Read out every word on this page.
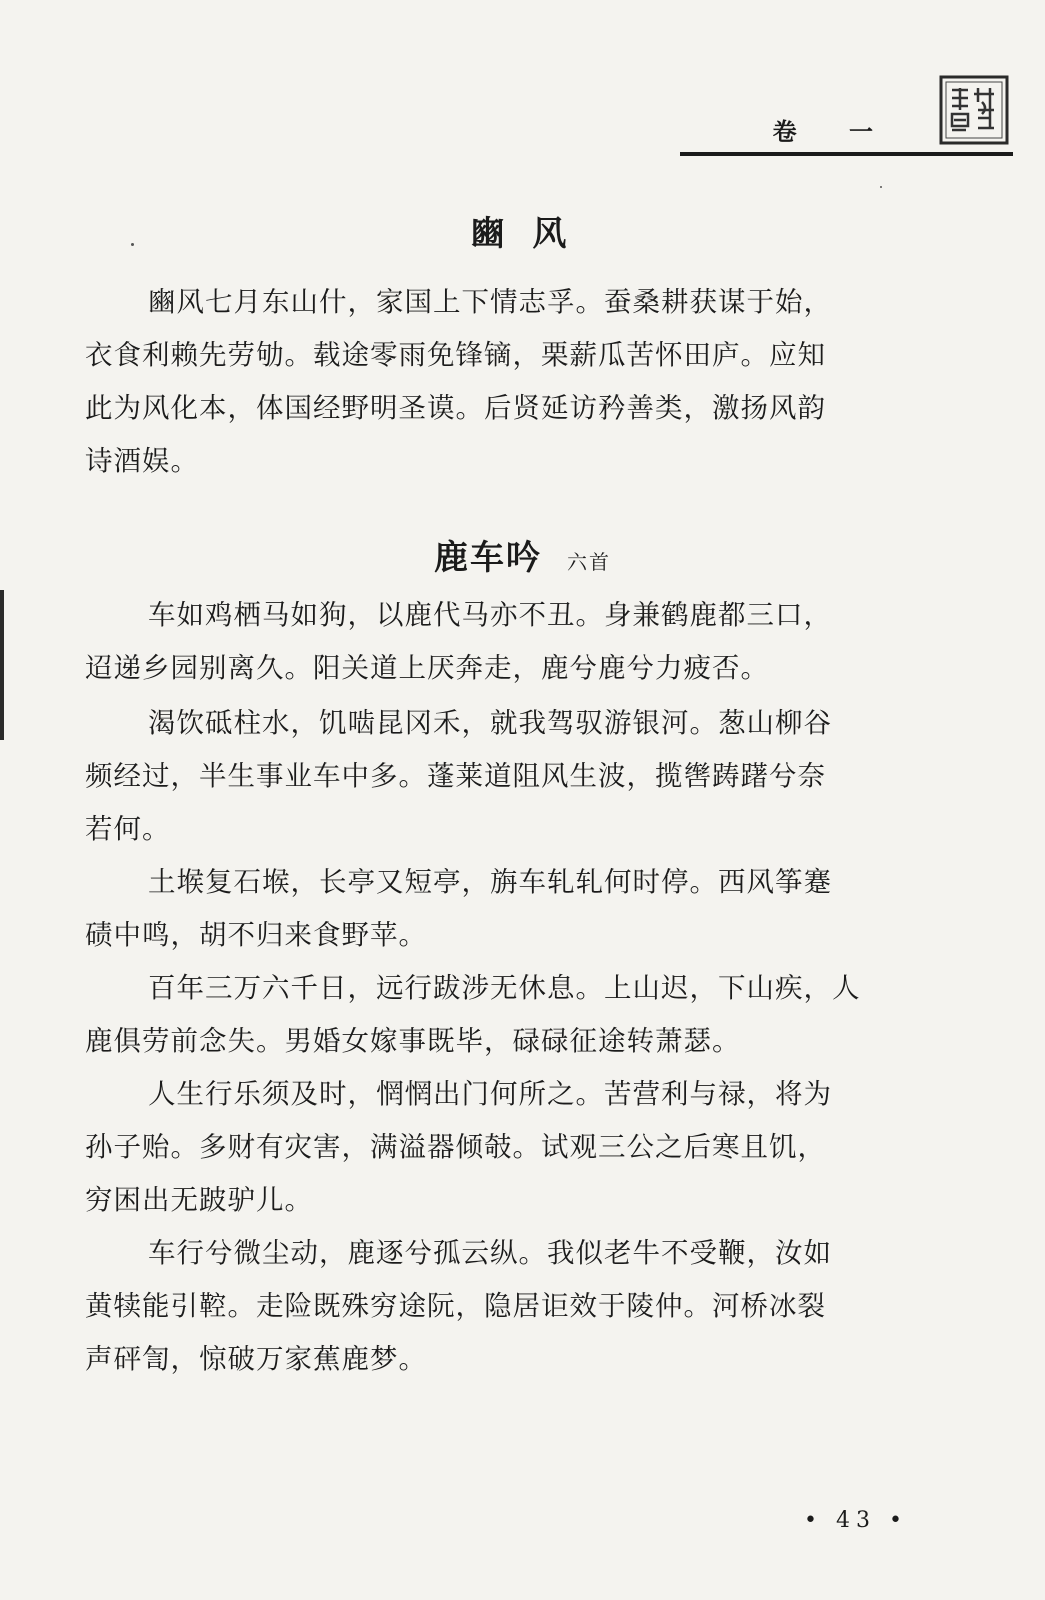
卷 一
豳 风
豳风七月东山什，家国上下情志孚。蚕桑耕获谋于始，
衣食利赖先劳劬。载途零雨免锋镝，栗薪瓜苦怀田庐。应知
此为风化本，体国经野明圣谟。后贤延访矜善类，激扬风韵
诗酒娱。
鹿车吟 六首
车如鸡栖马如狗，以鹿代马亦不丑。身兼鹤鹿都三口，
迢递乡园别离久。阳关道上厌奔走，鹿兮鹿兮力疲否。
渴饮砥柱水，饥啮昆冈禾，就我驾驭游银河。葱山柳谷
频经过，半生事业车中多。蓬莱道阻风生波，揽辔踌躇兮奈
若何。
土堠复石堠，长亭又短亭，旃车轧轧何时停。西风筝蹇
碛中鸣，胡不归来食野苹。
百年三万六千日，远行跋涉无休息。上山迟，下山疾，人
鹿俱劳前念失。男婚女嫁事既毕，碌碌征途转萧瑟。
人生行乐须及时，惘惘出门何所之。苦营利与禄，将为
孙子贻。多财有灾害，满溢器倾攲。试观三公之后寒且饥，
穷困出无跛驴儿。
车行兮微尘动，鹿逐兮孤云纵。我似老牛不受鞭，汝如
黄犊能引鞚。走险既殊穷途阮，隐居讵效于陵仲。河桥冰裂
声砰訇，惊破万家蕉鹿梦。
• 43 •
